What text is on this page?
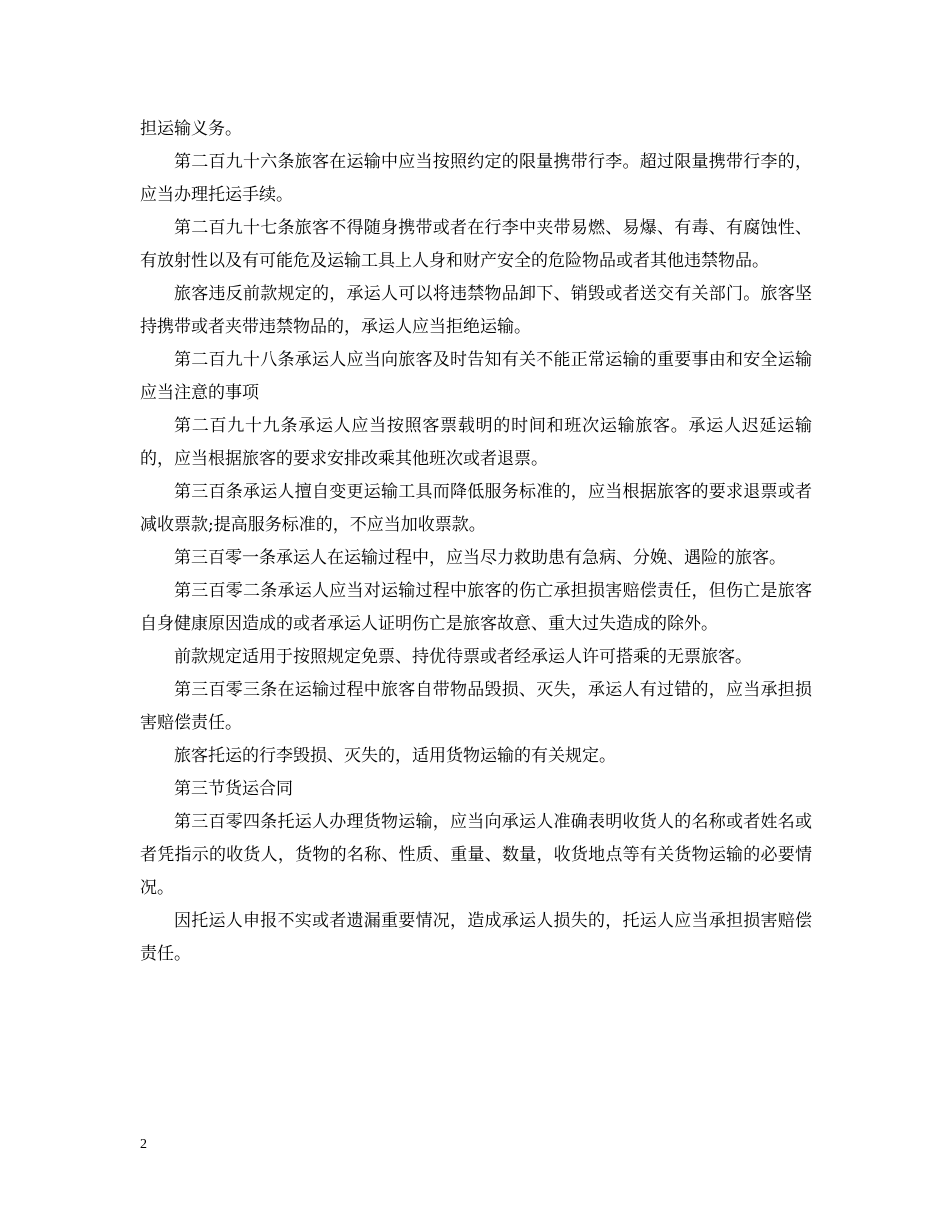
担运输义务。

第二百九十六条旅客在运输中应当按照约定的限量携带行李。超过限量携带行李的，应当办理托运手续。

第二百九十七条旅客不得随身携带或者在行李中夹带易燃、易爆、有毒、有腐蚀性、有放射性以及有可能危及运输工具上人身和财产安全的危险物品或者其他违禁物品。

旅客违反前款规定的，承运人可以将违禁物品卸下、销毁或者送交有关部门。旅客坚持携带或者夹带违禁物品的，承运人应当拒绝运输。

第二百九十八条承运人应当向旅客及时告知有关不能正常运输的重要事由和安全运输应当注意的事项

第二百九十九条承运人应当按照客票载明的时间和班次运输旅客。承运人迟延运输的，应当根据旅客的要求安排改乘其他班次或者退票。

第三百条承运人擅自变更运输工具而降低服务标准的，应当根据旅客的要求退票或者减收票款;提高服务标准的，不应当加收票款。

第三百零一条承运人在运输过程中，应当尽力救助患有急病、分娩、遇险的旅客。

第三百零二条承运人应当对运输过程中旅客的伤亡承担损害赔偿责任，但伤亡是旅客自身健康原因造成的或者承运人证明伤亡是旅客故意、重大过失造成的除外。

前款规定适用于按照规定免票、持优待票或者经承运人许可搭乘的无票旅客。

第三百零三条在运输过程中旅客自带物品毁损、灭失，承运人有过错的，应当承担损害赔偿责任。

旅客托运的行李毁损、灭失的，适用货物运输的有关规定。

第三节货运合同

第三百零四条托运人办理货物运输，应当向承运人准确表明收货人的名称或者姓名或者凭指示的收货人，货物的名称、性质、重量、数量，收货地点等有关货物运输的必要情况。

因托运人申报不实或者遗漏重要情况，造成承运人损失的，托运人应当承担损害赔偿责任。

2
